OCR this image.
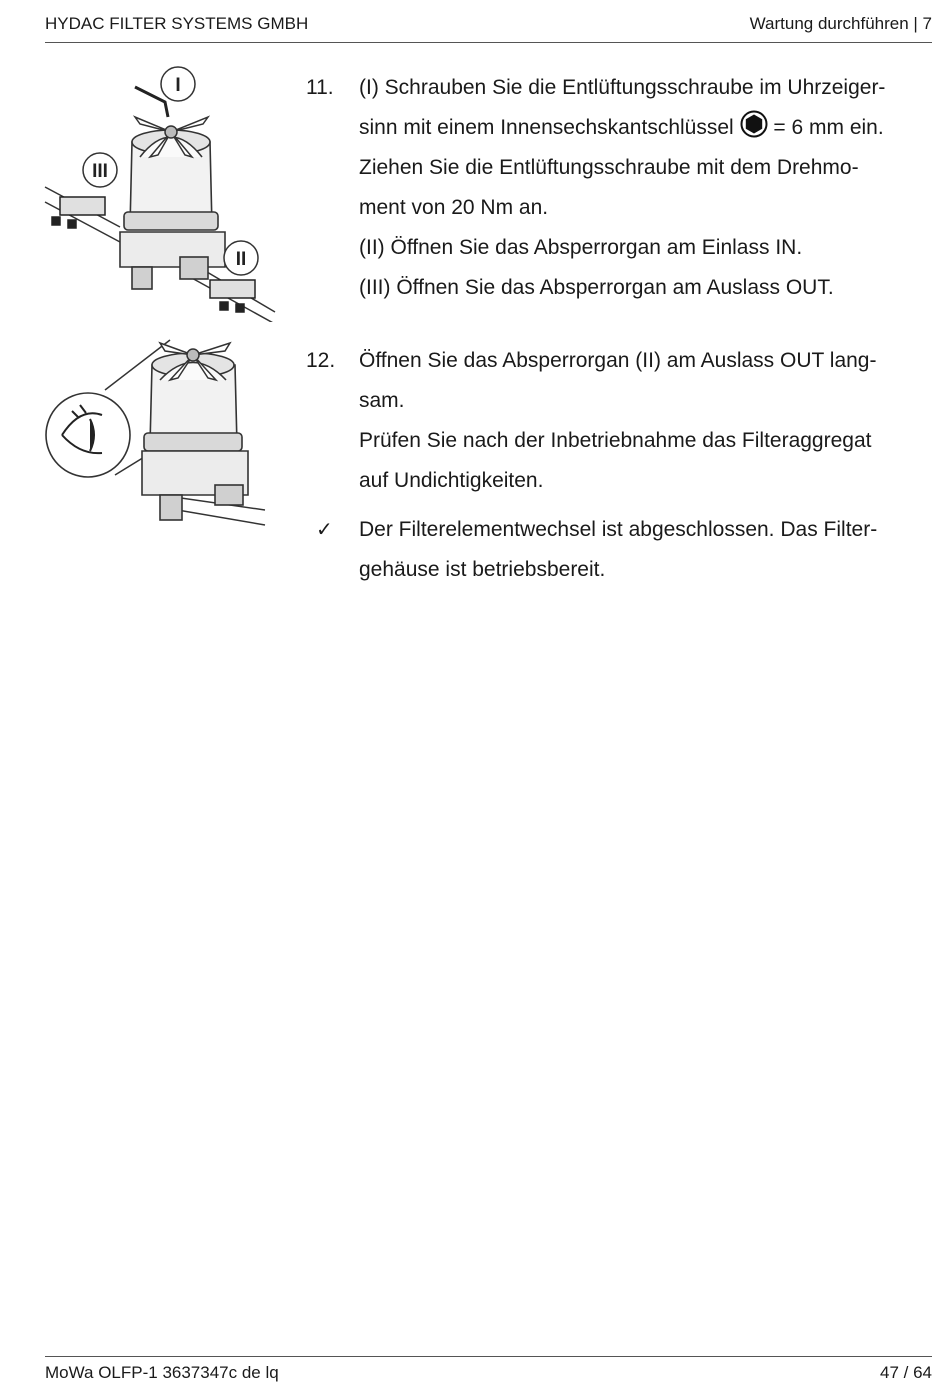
HYDAC FILTER SYSTEMS GMBH	Wartung durchführen | 7
I
II
III
11. (I) Schrauben Sie die Entlüftungsschraube im Uhrzeiger-

sinn mit einem Innensechskantschlüssel = 6 mm ein.

Ziehen Sie die Entlüftungsschraube mit dem Drehmo-

ment von 20 Nm an.

(II) Öffnen Sie das Absperrorgan am Einlass IN.

(III) Öffnen Sie das Absperrorgan am Auslass OUT.

12. Öffnen Sie das Absperrorgan (II) am Auslass OUT lang-

sam.

Prüfen Sie nach der Inbetriebnahme das Filteraggregat

auf Undichtigkeiten.

✓ Der Filterelementwechsel ist abgeschlossen. Das Filter-

gehäuse ist betriebsbereit.

MoWa OLFP-1 3637347c de lq	47 / 64
